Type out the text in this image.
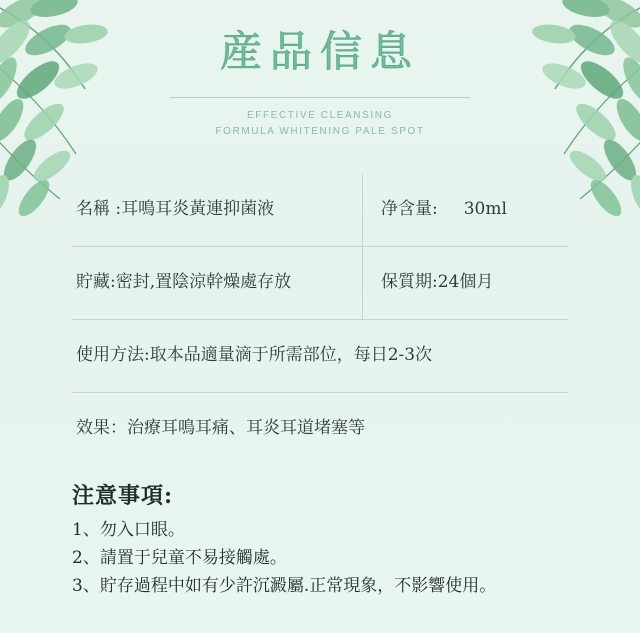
産品信息
EFFECTIVE CLEANSING
FORMULA WHITENING PALE SPOT
名稱 : 耳鳴耳炎黃連抑菌液	净含量: 30ml
貯藏: 密封,置陰涼幹燥處存放	保質期: 24個月
使用方法:取本品適量滴于所需部位，每日2-3次
效果：治療耳鳴耳痛、耳炎耳道堵塞等
注意事項:
1、勿入口眼。
2、請置于兒童不易接觸處。
3、貯存過程中如有少許沉澱屬.正常現象，不影響使用。
